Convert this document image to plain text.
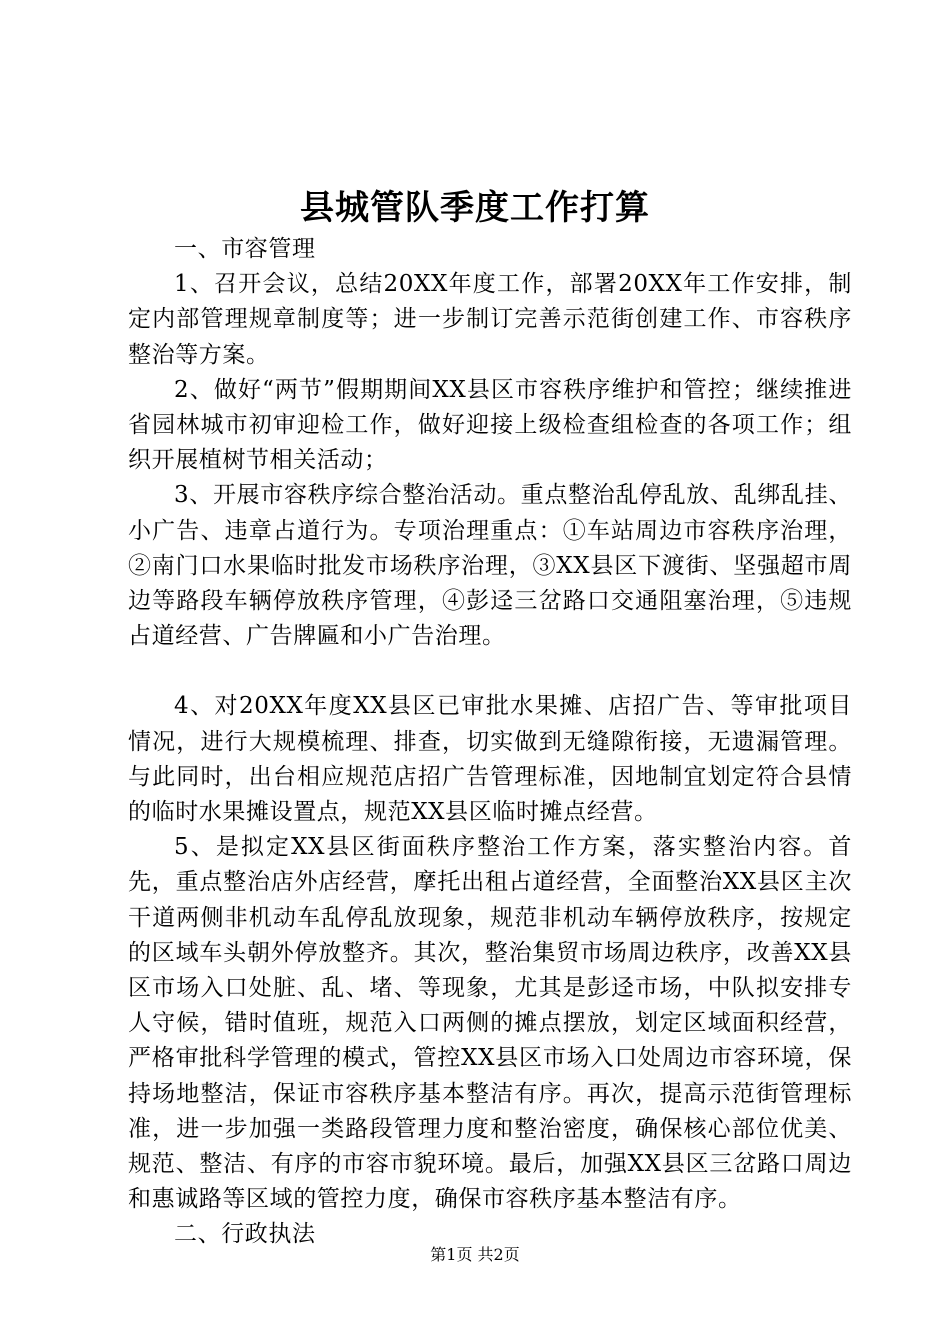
县城管队季度工作打算

一、市容管理

1、召开会议，总结20XX年度工作，部署20XX年工作安排，制定内部管理规章制度等；进一步制订完善示范街创建工作、市容秩序整治等方案。

2、做好“两节”假期期间XX县区市容秩序维护和管控；继续推进省园林城市初审迎检工作，做好迎接上级检查组检查的各项工作；组织开展植树节相关活动；

3、开展市容秩序综合整治活动。重点整治乱停乱放、乱绑乱挂、小广告、违章占道行为。专项治理重点：①车站周边市容秩序治理，②南门口水果临时批发市场秩序治理，③XX县区下渡街、坚强超市周边等路段车辆停放秩序管理，④彭迳三岔路口交通阻塞治理，⑤违规占道经营、广告牌匾和小广告治理。

4、对20XX年度XX县区已审批水果摊、店招广告、等审批项目情况，进行大规模梳理、排查，切实做到无缝隙衔接，无遗漏管理。与此同时，出台相应规范店招广告管理标准，因地制宜划定符合县情的临时水果摊设置点，规范XX县区临时摊点经营。

5、是拟定XX县区街面秩序整治工作方案，落实整治内容。首先，重点整治店外店经营，摩托出租占道经营，全面整治XX县区主次干道两侧非机动车乱停乱放现象，规范非机动车辆停放秩序，按规定的区域车头朝外停放整齐。其次，整治集贸市场周边秩序，改善XX县区市场入口处脏、乱、堵、等现象，尤其是彭迳市场，中队拟安排专人守候，错时值班，规范入口两侧的摊点摆放，划定区域面积经营，严格审批科学管理的模式，管控XX县区市场入口处周边市容环境，保持场地整洁，保证市容秩序基本整洁有序。再次，提高示范街管理标准，进一步加强一类路段管理力度和整治密度，确保核心部位优美、规范、整洁、有序的市容市貌环境。最后，加强XX县区三岔路口周边和惠诚路等区域的管控力度，确保市容秩序基本整洁有序。

二、行政执法

第1页 共2页
